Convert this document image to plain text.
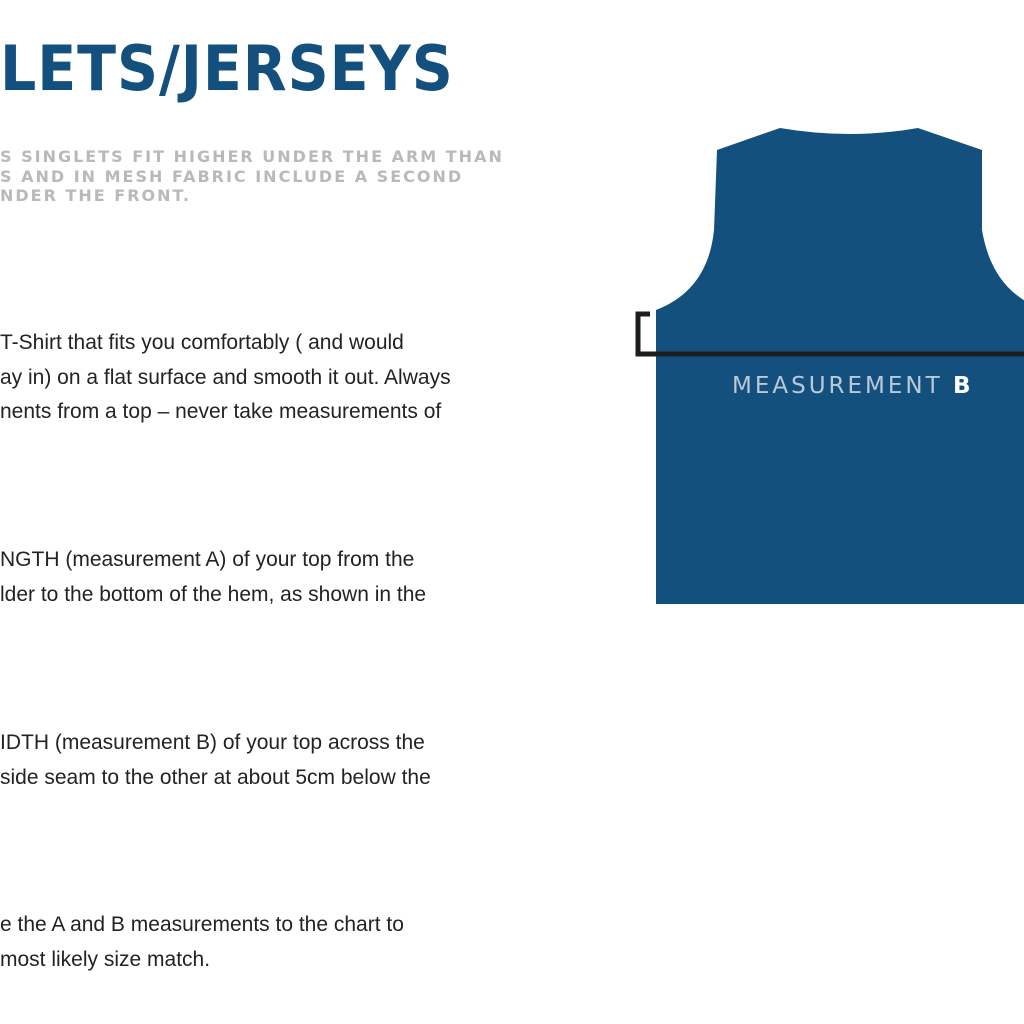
LETS/JERSEYS
S SINGLETS FIT HIGHER UNDER THE ARM THAN
S AND IN MESH FABRIC INCLUDE A SECOND
NDER THE FRONT.
T-Shirt that fits you comfortably ( and would
ay in) on a flat surface and smooth it out. Always
nents from a top – never take measurements of
NGTH (measurement A) of your top from the
lder to the bottom of the hem, as shown in the
IDTH (measurement B) of your top across the
side seam to the other at about 5cm below the
e the A and B measurements to the chart to
most likely size match.
MEASUREMENT B
